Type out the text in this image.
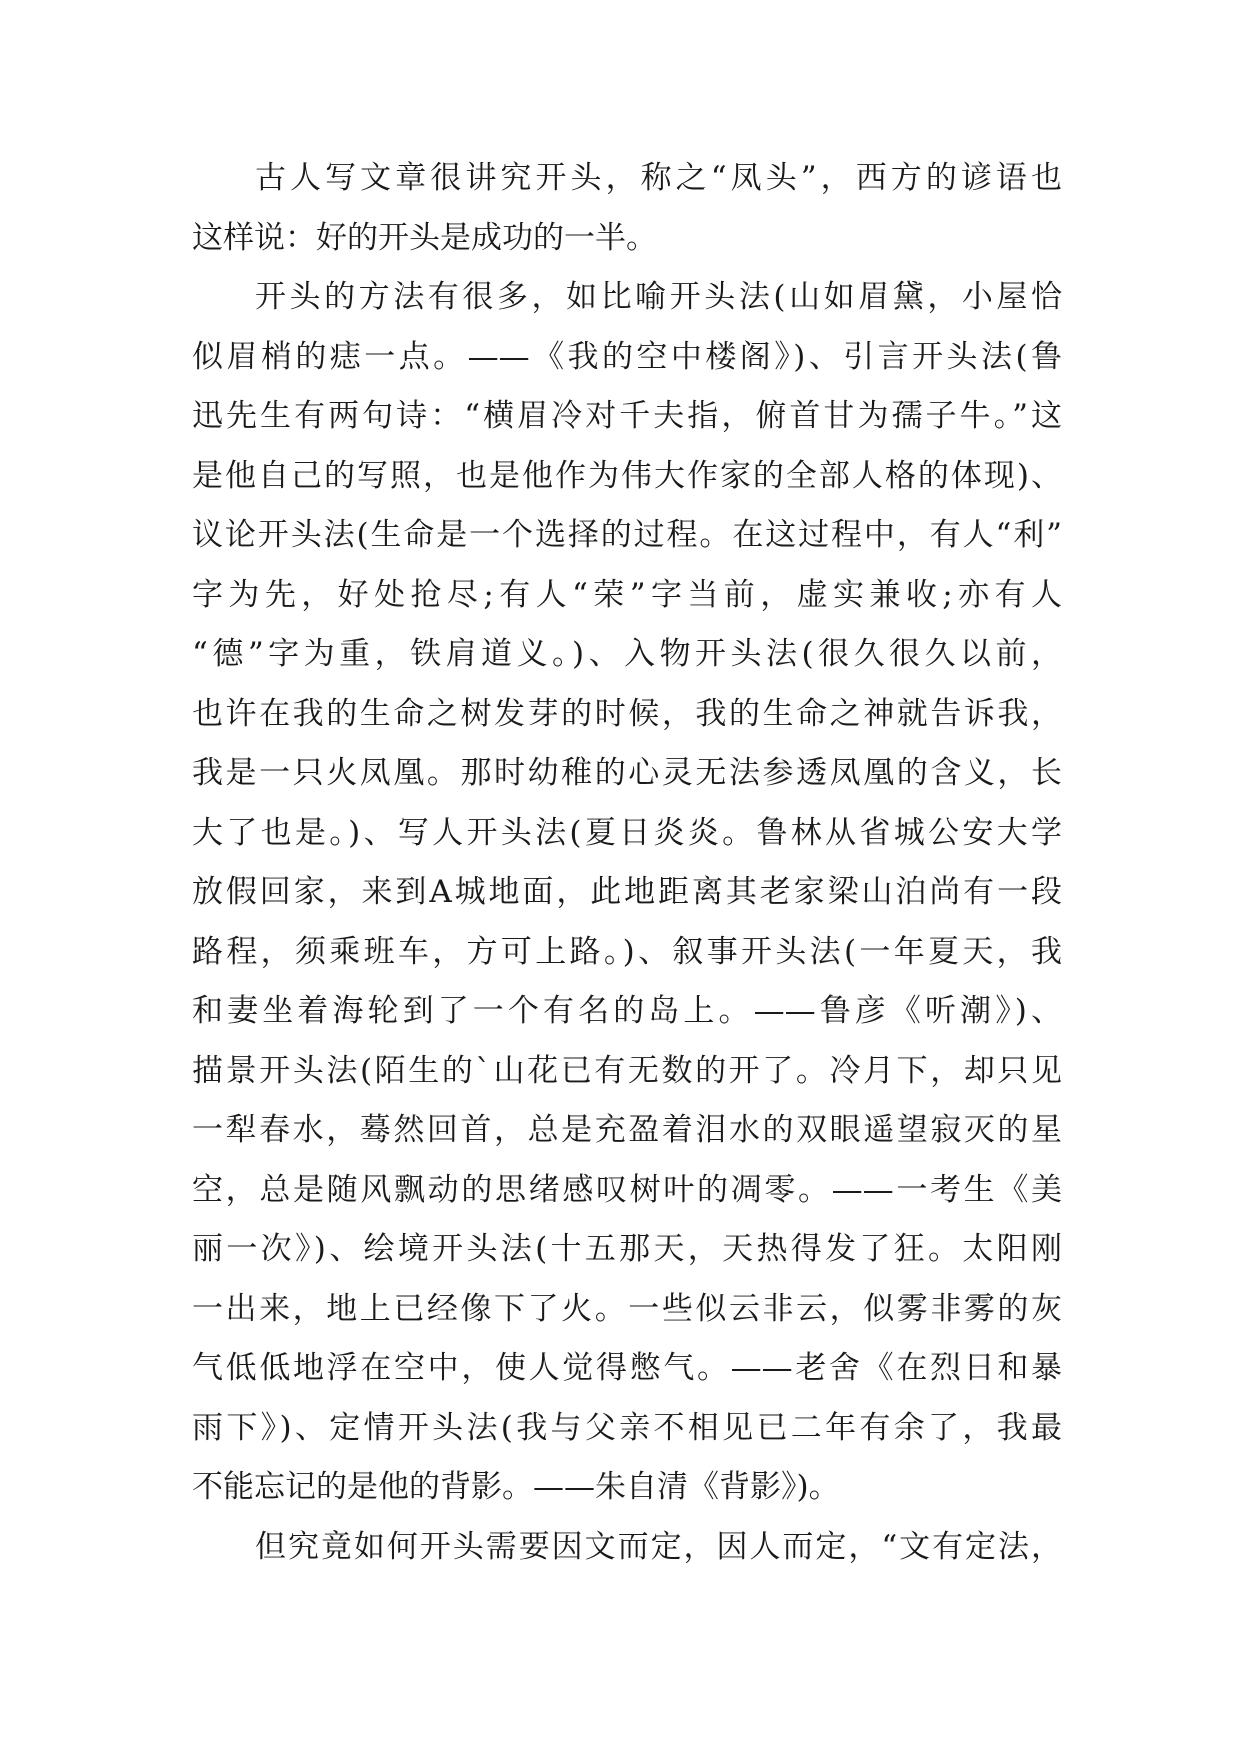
古人写文章很讲究开头，称之“凤头”，西方的谚语也
这样说：好的开头是成功的一半。
开头的方法有很多，如比喻开头法(山如眉黛，小屋恰
似眉梢的痣一点。——《我的空中楼阁》)、引言开头法(鲁
迅先生有两句诗：“横眉冷对千夫指，俯首甘为孺子牛。”这
是他自己的写照，也是他作为伟大作家的全部人格的体现)、
议论开头法(生命是一个选择的过程。在这过程中，有人“利”
字为先，好处抢尽;有人“荣”字当前，虚实兼收;亦有人
“德”字为重，铁肩道义。)、入物开头法(很久很久以前，
也许在我的生命之树发芽的时候，我的生命之神就告诉我，
我是一只火凤凰。那时幼稚的心灵无法参透凤凰的含义，长
大了也是。)、写人开头法(夏日炎炎。鲁林从省城公安大学
放假回家，来到A城地面，此地距离其老家梁山泊尚有一段
路程，须乘班车，方可上路。)、叙事开头法(一年夏天，我
和妻坐着海轮到了一个有名的岛上。——鲁彦《听潮》)、
描景开头法(陌生的`山花已有无数的开了。冷月下，却只见
一犁春水，蓦然回首，总是充盈着泪水的双眼遥望寂灭的星
空，总是随风飘动的思绪感叹树叶的凋零。——一考生《美
丽一次》)、绘境开头法(十五那天，天热得发了狂。太阳刚
一出来，地上已经像下了火。一些似云非云，似雾非雾的灰
气低低地浮在空中，使人觉得憋气。——老舍《在烈日和暴
雨下》)、定情开头法(我与父亲不相见已二年有余了，我最
不能忘记的是他的背影。——朱自清《背影》)。
但究竟如何开头需要因文而定，因人而定，“文有定法，
